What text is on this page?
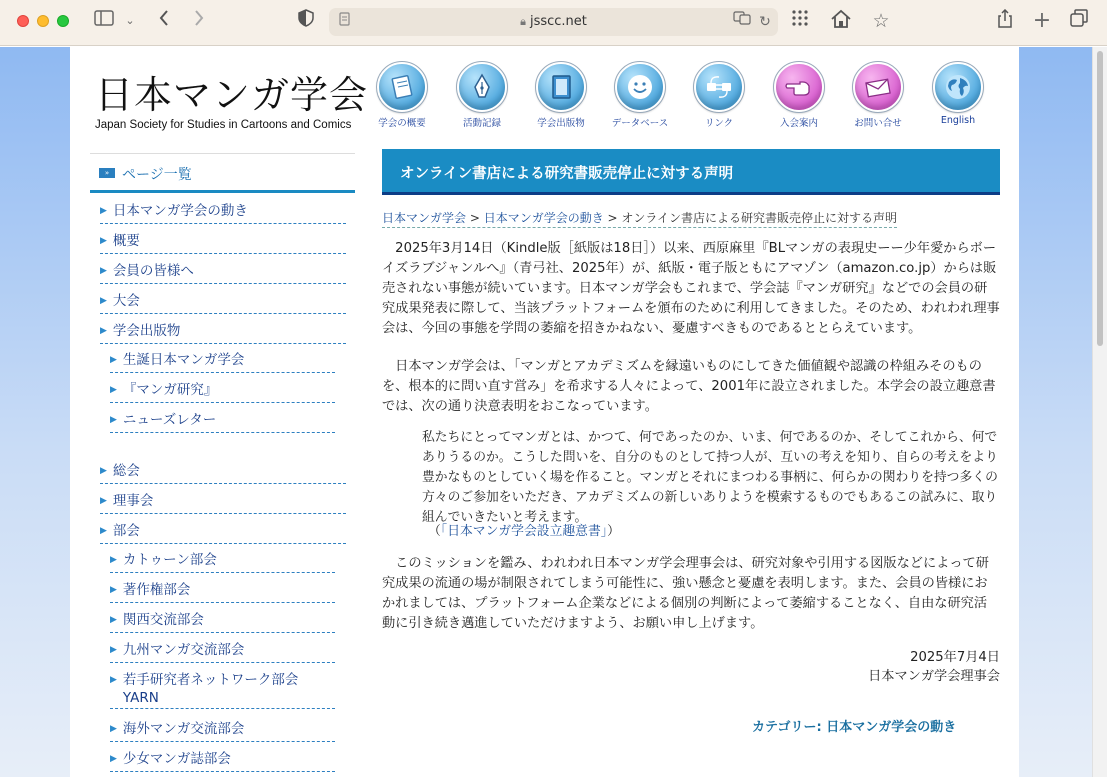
⌄	🔒︎ jsscc.net	↻	☆	+
日本マンガ学会
Japan Society for Studies in Cartoons and Comics	学会の概要	活動記録	学会出版物	データベース	リンク	入会案内	お問い合せ	English
» ページ一覧
▶ 日本マンガ学会の動き
▶ 概要
▶ 会員の皆様へ
▶ 大会
▶ 学会出版物
▶ 生誕日本マンガ学会
▶ 『マンガ研究』
▶ ニューズレター
▶ 総会
▶ 理事会
▶ 部会
▶ カトゥーン部会
▶ 著作権部会
▶ 関西交流部会
▶ 九州マンガ交流部会
▶ 若手研究者ネットワーク部会
YARN
▶ 海外マンガ交流部会
▶ 少女マンガ誌部会
オンライン書店による研究書販売停止に対する声明
日本マンガ学会 > 日本マンガ学会の動き > オンライン書店による研究書販売停止に対する声明
　2025年3月14日（Kindle版［紙版は18日］）以来、西原麻里『BLマンガの表現史ーー少年愛からボーイズラブジャンルへ』（青弓社、2025年）が、紙版・電子版ともにアマゾン（amazon.co.jp）からは販売されない事態が続いています。日本マンガ学会もこれまで、学会誌『マンガ研究』などでの会員の研究成果発表に際して、当該プラットフォームを頒布のために利用してきました。そのため、われわれ理事会は、今回の事態を学問の萎縮を招きかねない、憂慮すべきものであるととらえています。
　日本マンガ学会は、「マンガとアカデミズムを縁遠いものにしてきた価値観や認識の枠組みそのものを、根本的に問い直す営み」を希求する人々によって、2001年に設立されました。本学会の設立趣意書では、次の通り決意表明をおこなっています。
私たちにとってマンガとは、かつて、何であったのか、いま、何であるのか、そしてこれから、何でありうるのか。こうした問いを、自分のものとして持つ人が、互いの考えを知り、自らの考えをより豊かなものとしていく場を作ること。マンガとそれにまつわる事柄に、何らかの関わりを持つ多くの方々のご参加をいただき、アカデミズムの新しいありようを模索するものでもあるこの試みに、取り組んでいきたいと考えます。
（「日本マンガ学会設立趣意書」）
　このミッションを鑑み、われわれ日本マンガ学会理事会は、研究対象や引用する図版などによって研究成果の流通の場が制限されてしまう可能性に、強い懸念と憂慮を表明します。また、会員の皆様におかれましては、プラットフォーム企業などによる個別の判断によって萎縮することなく、自由な研究活動に引き続き邁進していただけますよう、お願い申し上げます。
2025年7月4日
日本マンガ学会理事会
カテゴリー: 日本マンガ学会の動き
